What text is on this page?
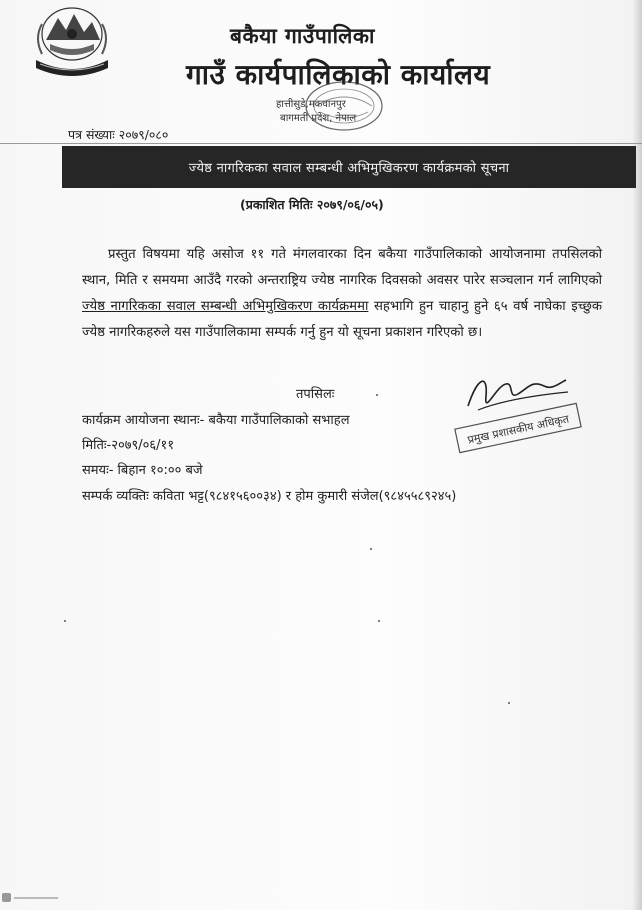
बकैया गाउँपालिका
गाउँ कार्यपालिकाको कार्यालय
हात्तीसुडे,मकवानपुर
बागमती प्रदेश, नेपाल
पत्र संख्याः २०७९/०८०
ज्येष्ठ नागरिकका सवाल सम्बन्धी अभिमुखिकरण कार्यक्रमको सूचना
(प्रकाशित मितिः २०७९/०६/०५)
प्रस्तुत विषयमा यहि असोज ११ गते मंगलवारका दिन बकैया गाउँपालिकाको आयोजनामा तपसिलको स्थान, मिति र समयमा आउँदै गरको अन्तराष्ट्रिय ज्येष्ठ नागरिक दिवसको अवसर पारेर सञ्चलान गर्न लागिएको ज्येष्ठ नागरिकका सवाल सम्बन्धी अभिमुखिकरण कार्यक्रममा सहभागि हुन चाहानु हुने ६५ वर्ष नाघेका इच्छुक ज्येष्ठ नागरिकहरुले यस गाउँपालिकामा सम्पर्क गर्नु हुन यो सूचना प्रकाशन गरिएको छ।
तपसिलः
कार्यक्रम आयोजना स्थानः- बकैया गाउँपालिकाको सभाहल
मितिः-२०७९/०६/११
समयः- बिहान १०:०० बजे
सम्पर्क व्यक्तिः कविता भट्ट(९८४१५६००३४) र होम कुमारी संजेल(९८४५५८९२४५)
प्रमुख प्रशासकीय अधिकृत
